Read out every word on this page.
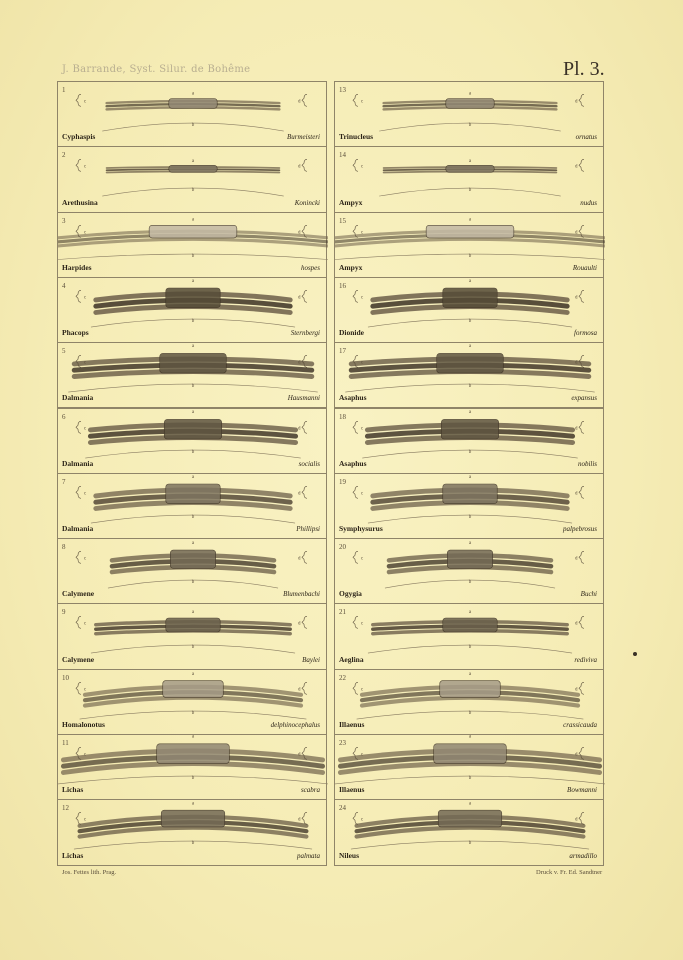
J. Barrande, Syst. Silur. de Bohême	Pl. 3.
1
Cyphaspis	Burmeisteri
a
b
c	d
2
Arethusina	Konincki
a
b
c	d
3
Harpides	hospes
a
b
c	d
4
Phacops	Sternbergi
a
b
c	d
5
Dalmania	Hausmanni
a
b
c	d
6
Dalmania	socialis
a
b
c	d
7
Dalmania	Phillipsi
a
b
c	d
8
Calymene	Blumenbachi
a
b
c	d
9
Calymene	Baylei
a
b
c	d
10
Homalonotus	delphinocephalus
a
b
c	d
11
Lichas	scabra
a
b
c	d
12
Lichas	palmata
a
b
c	d
13
Trinucleus	ornatus
a
b
c	d
14
Ampyx	nudus
a
b
c	d
15
Ampyx	Rouaulti
a
b
c	d
16
Dionide	formosa
a
b
c	d
17
Asaphus	expansus
a
b
c	d
18
Asaphus	nobilis
a
b
c	d
19
Symphysurus	palpebrosus
a
b
c	d
20
Ogygia	Buchi
a
b
c	d
21
Aeglina	rediviva
a
b
c	d
22
Illaenus	crassicauda
a
b
c	d
23
Illaenus	Bowmanni
a
b
c	d
24
Nileus	armadillo
a
b
c	d
Jos. Fettes lith. Prag.	Druck v. Fr. Ed. Sandtner
